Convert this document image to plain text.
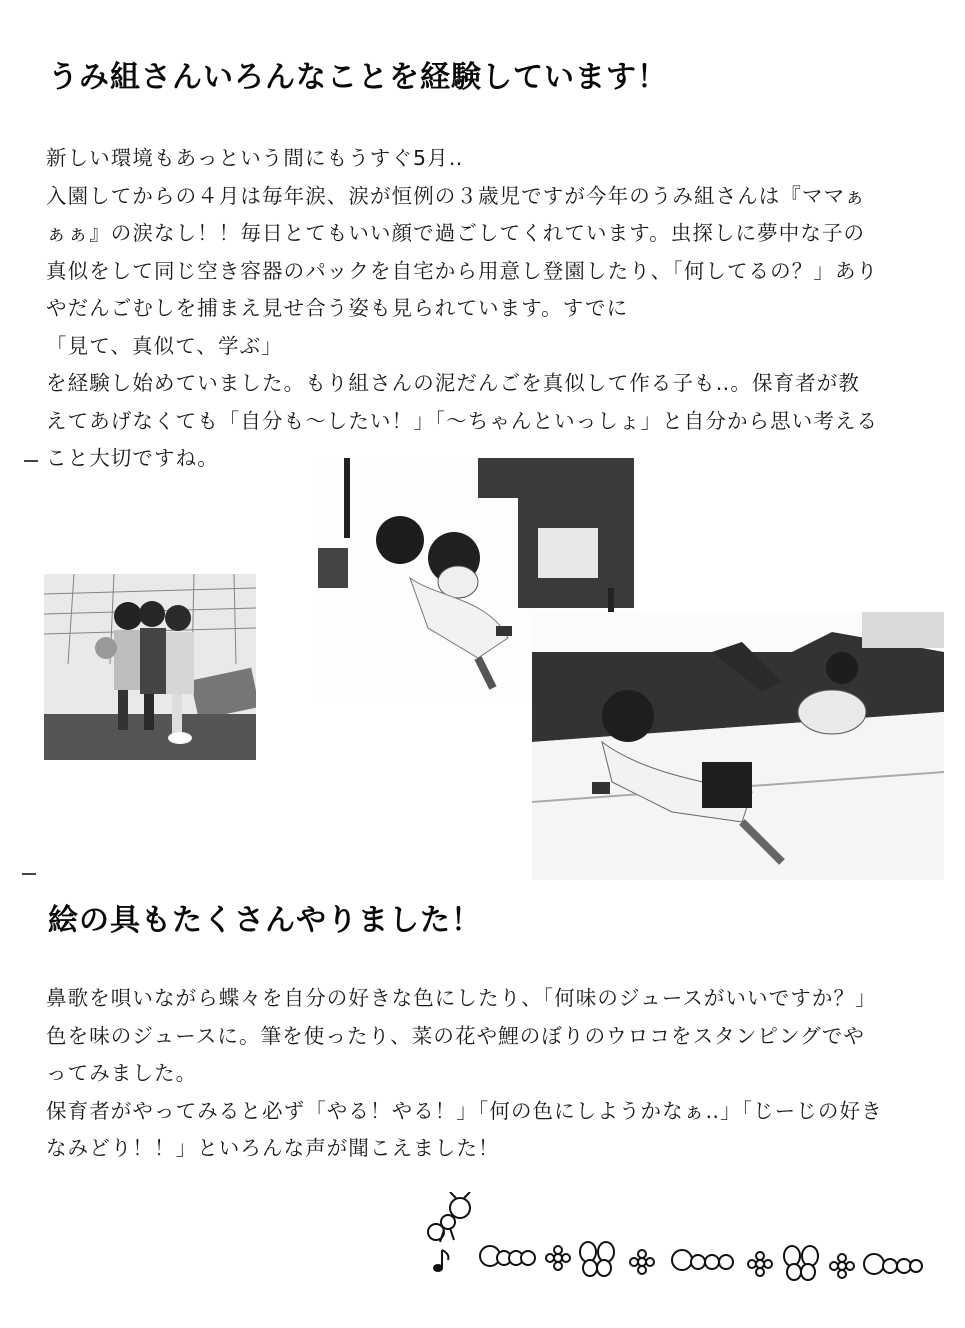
うみ組さんいろんなことを経験しています！

新しい環境もあっという間にもうすぐ5月‥
入園してからの４月は毎年涙、涙が恒例の３歳児ですが今年のうみ組さんは『ママぁ
ぁぁ』の涙なし！！毎日とてもいい顔で過ごしてくれています。虫探しに夢中な子の
真似をして同じ空き容器のパックを自宅から用意し登園したり、「何してるの？」あり
やだんごむしを捕まえ見せ合う姿も見られています。すでに
「見て、真似て、学ぶ」
を経験し始めていました。もり組さんの泥だんごを真似して作る子も‥。保育者が教
えてあげなくても「自分も～したい！」「～ちゃんといっしょ」と自分から思い考える
こと大切ですね。

絵の具もたくさんやりました！

鼻歌を唄いながら蝶々を自分の好きな色にしたり、「何味のジュースがいいですか？」
色を味のジュースに。筆を使ったり、菜の花や鯉のぼりのウロコをスタンピングでや
ってみました。
保育者がやってみると必ず「やる！やる！」「何の色にしようかなぁ‥」「じーじの好き
なみどり！！」といろんな声が聞こえました！
